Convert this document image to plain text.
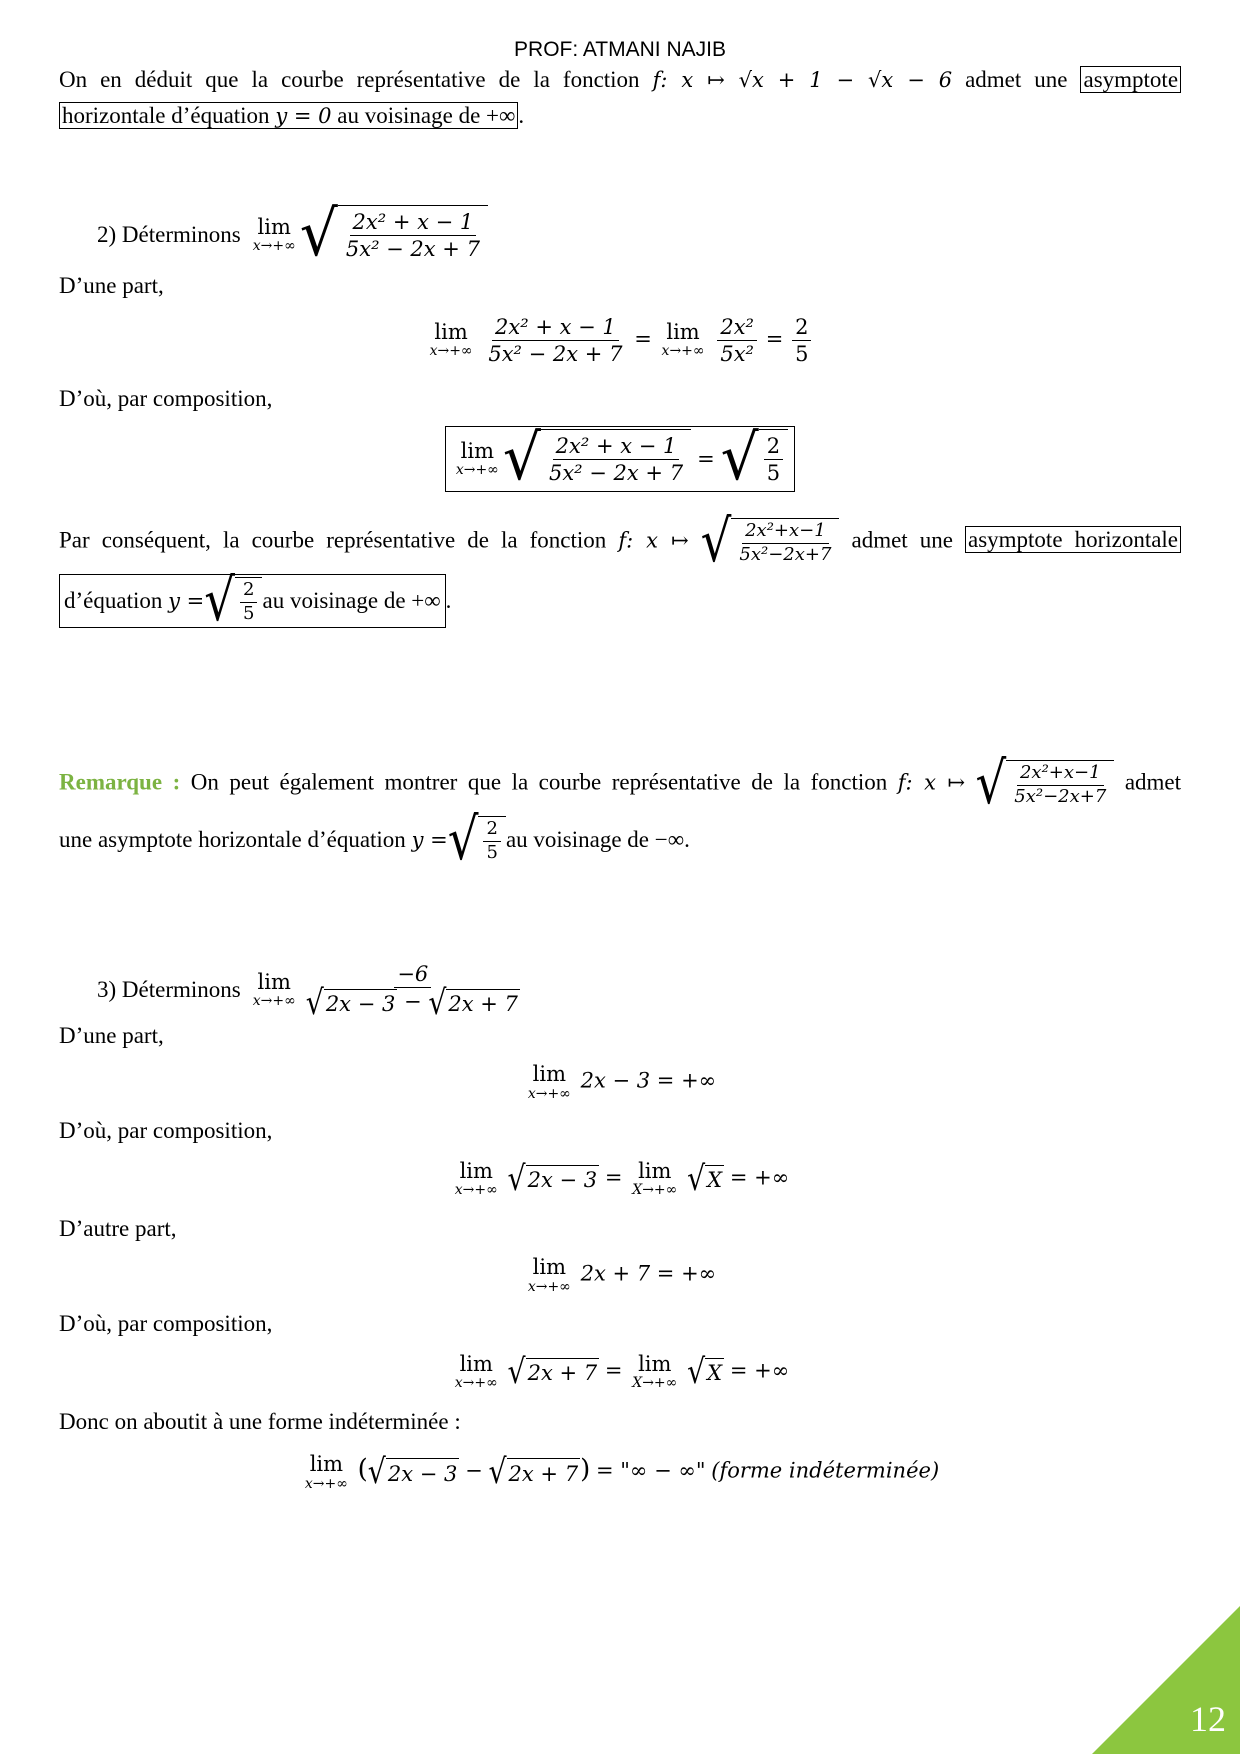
PROF: ATMANI NAJIB
On en déduit que la courbe représentative de la fonction f: x ↦ √x + 1 − √x − 6 admet une asymptote
horizontale d’équation y = 0 au voisinage de +∞ .
2) Déterminons lim
x→+∞ √ $\frac{\text{2x² + x − 1}}{\text{5x² − 2x + 7}}$
D’une part,
lim
x→+∞
$\frac{\text{2x² + x − 1}}{\text{5x² − 2x + 7}} = \lim$
x→+∞
$\frac{\text{2x²}}{\text{5x²}} = \frac{2}{5}$
D’où, par composition,
lim
x→+∞ √ $\frac{\text{2x² + x − 1}}{\text{5x² − 2x + 7}}$ = √ $\frac{2}{5}$
Par conséquent, la courbe représentative de la fonction f: x ↦ √ $\frac{\text{2x²+x−1}}{\text{5x²−2x+7}}$ admet une asymptote horizontale
d’équation
y = √ $\frac{2}{5}$ au voisinage de +∞ .
Remarque : On peut également montrer que la courbe représentative de la fonction f: x ↦ √ $\frac{\text{2x²+x−1}}{\text{5x²−2x+7}}$ admet
une asymptote horizontale d’équation
y = √ $\frac{2}{5}$ au voisinage de −∞.
3) Déterminons lim
$x\to+\infty \frac{-6}{√ 2x - 3 - √ 2x + 7}$
D’une part,
lim
x→+∞
2x − 3 = +∞
D’où, par composition,
lim
x→+∞
√ 2x − 3 = lim
X→+∞
√ X = +∞
D’autre part,
lim
x→+∞
2x + 7 = +∞
D’où, par composition,
lim
x→+∞
√ 2x + 7 = lim
X→+∞
√ X = +∞
Donc on aboutit à une forme indéterminée :
lim
x→+∞ ( √ 2x − 3 − √ 2x + 7 ) = "∞ − ∞" (forme indéterminée)
12
